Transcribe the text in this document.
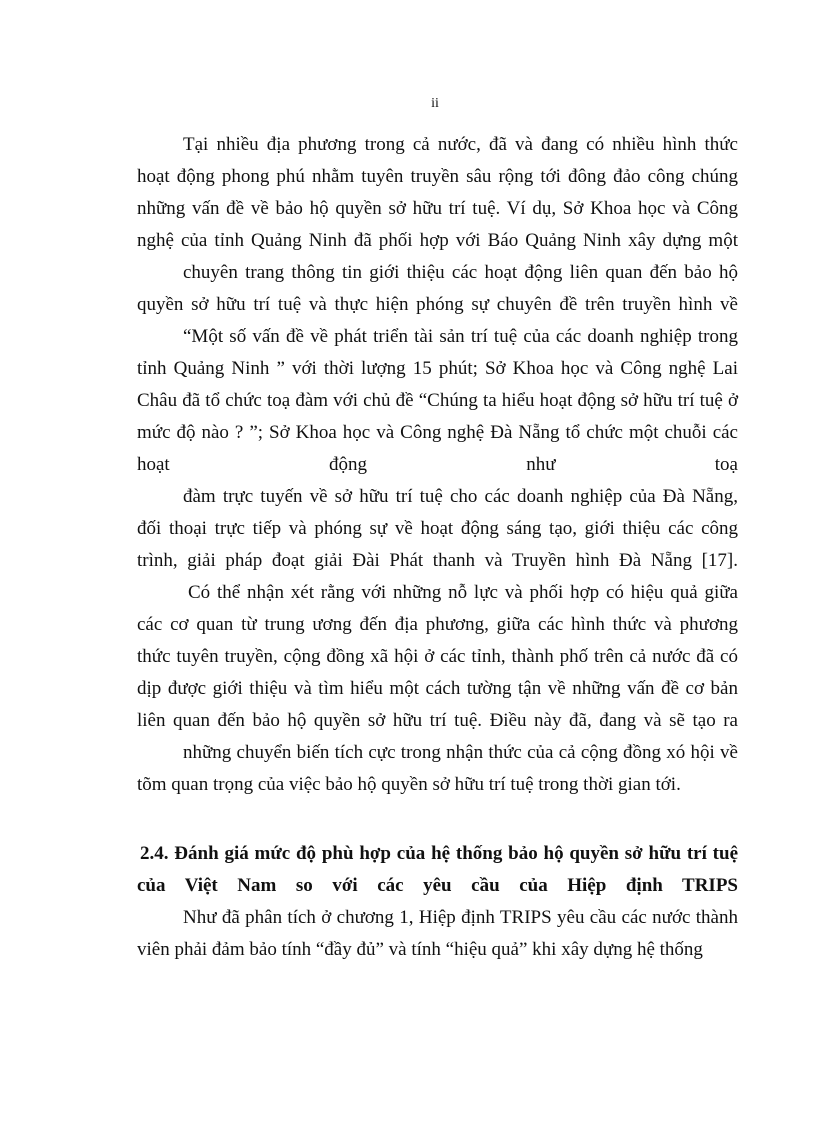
ii
Tại nhiều địa phương trong cả nước, đã và đang có nhiều hình thức
hoạt động phong phú nhằm tuyên truyền sâu rộng tới đông đảo công chúng
những vấn đề về bảo hộ quyền sở hữu trí tuệ. Ví dụ, Sở Khoa học và Công
nghệ của tỉnh Quảng Ninh đã phối hợp với Báo Quảng Ninh xây dựng một
chuyên trang thông tin giới thiệu các hoạt động liên quan đến bảo hộ
quyền sở hữu trí tuệ và thực hiện phóng sự chuyên đề trên truyền hình về
“Một số vấn đề về phát triển tài sản trí tuệ của các doanh nghiệp trong
tỉnh Quảng Ninh ” với thời lượng 15 phút; Sở Khoa học và Công nghệ Lai
Châu đã tổ chức toạ đàm với chủ đề “Chúng ta hiểu hoạt động sở hữu trí tuệ ở
mức độ nào ? ”; Sở Khoa học và Công nghệ Đà Nẵng tổ chức một chuỗi các
hoạt động như toạ
đàm trực tuyến về sở hữu trí tuệ cho các doanh nghiệp của Đà Nẵng,
đối thoại trực tiếp và phóng sự về hoạt động sáng tạo, giới thiệu các công
trình, giải pháp đoạt giải Đài Phát thanh và Truyền hình Đà Nẵng [17].
Có thể nhận xét rằng với những nỗ lực và phối hợp có hiệu quả giữa
các cơ quan từ trung ương đến địa phương, giữa các hình thức và phương
thức tuyên truyền, cộng đồng xã hội ở các tỉnh, thành phố trên cả nước đã có
dịp được giới thiệu và tìm hiểu một cách tường tận về những vấn đề cơ bản
liên quan đến bảo hộ quyền sở hữu trí tuệ. Điều này đã, đang và sẽ tạo ra
những chuyển biến tích cực trong nhận thức của cả cộng đồng xó hội về
tõm quan trọng của việc bảo hộ quyền sở hữu trí tuệ trong thời gian tới.
2.4. Đánh giá mức độ phù hợp của hệ thống bảo hộ quyền sở hữu trí tuệ
của Việt Nam so với các yêu cầu của Hiệp định TRIPS
Như đã phân tích ở chương 1, Hiệp định TRIPS yêu cầu các nước thành
viên phải đảm bảo tính “đầy đủ” và tính “hiệu quả” khi xây dựng hệ thống
